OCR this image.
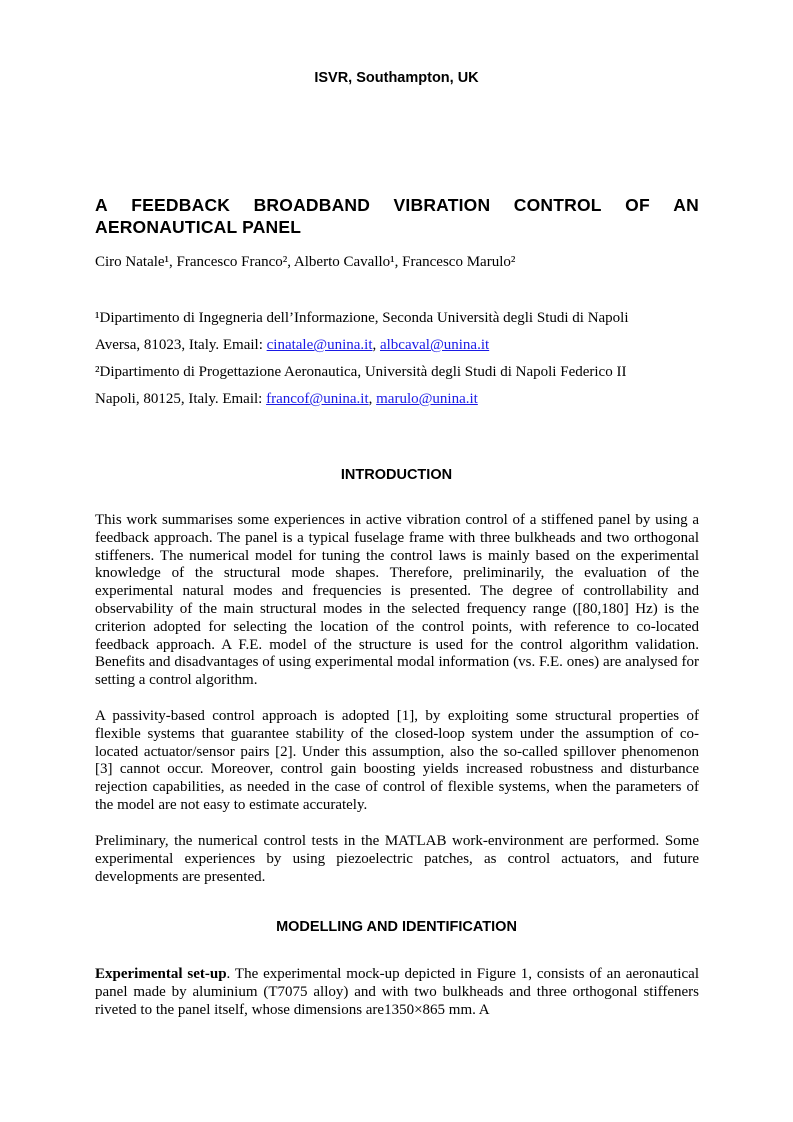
ISVR, Southampton, UK
A FEEDBACK BROADBAND VIBRATION CONTROL OF AN
AERONAUTICAL PANEL
Ciro Natale¹, Francesco Franco², Alberto Cavallo¹, Francesco Marulo²
¹Dipartimento di Ingegneria dell’Informazione, Seconda Università degli Studi di Napoli
Aversa, 81023, Italy. Email: cinatale@unina.it, albcaval@unina.it
²Dipartimento di Progettazione Aeronautica, Università degli Studi di Napoli Federico II
Napoli, 80125, Italy. Email: francof@unina.it, marulo@unina.it
INTRODUCTION

This work summarises some experiences in active vibration control of a stiffened panel by using a feedback approach. The panel is a typical fuselage frame with three bulkheads and two orthogonal stiffeners. The numerical model for tuning the control laws is mainly based on the experimental knowledge of the structural mode shapes. Therefore, preliminarily, the evaluation of the experimental natural modes and frequencies is presented. The degree of controllability and observability of the main structural modes in the selected frequency range ([80,180] Hz) is the criterion adopted for selecting the location of the control points, with reference to co-located feedback approach. A F.E. model of the structure is used for the control algorithm validation. Benefits and disadvantages of using experimental modal information (vs. F.E. ones) are analysed for setting a control algorithm.

A passivity-based control approach is adopted [1], by exploiting some structural properties of flexible systems that guarantee stability of the closed-loop system under the assumption of co-located actuator/sensor pairs [2]. Under this assumption, also the so-called spillover phenomenon [3] cannot occur. Moreover, control gain boosting yields increased robustness and disturbance rejection capabilities, as needed in the case of control of flexible systems, when the parameters of the model are not easy to estimate accurately.

Preliminary, the numerical control tests in the MATLAB work-environment are performed. Some experimental experiences by using piezoelectric patches, as control actuators, and future developments are presented.

MODELLING AND IDENTIFICATION

Experimental set-up. The experimental mock-up depicted in Figure 1, consists of an aeronautical panel made by aluminium (T7075 alloy) and with two bulkheads and three orthogonal stiffeners riveted to the panel itself, whose dimensions are1350×865 mm. A
